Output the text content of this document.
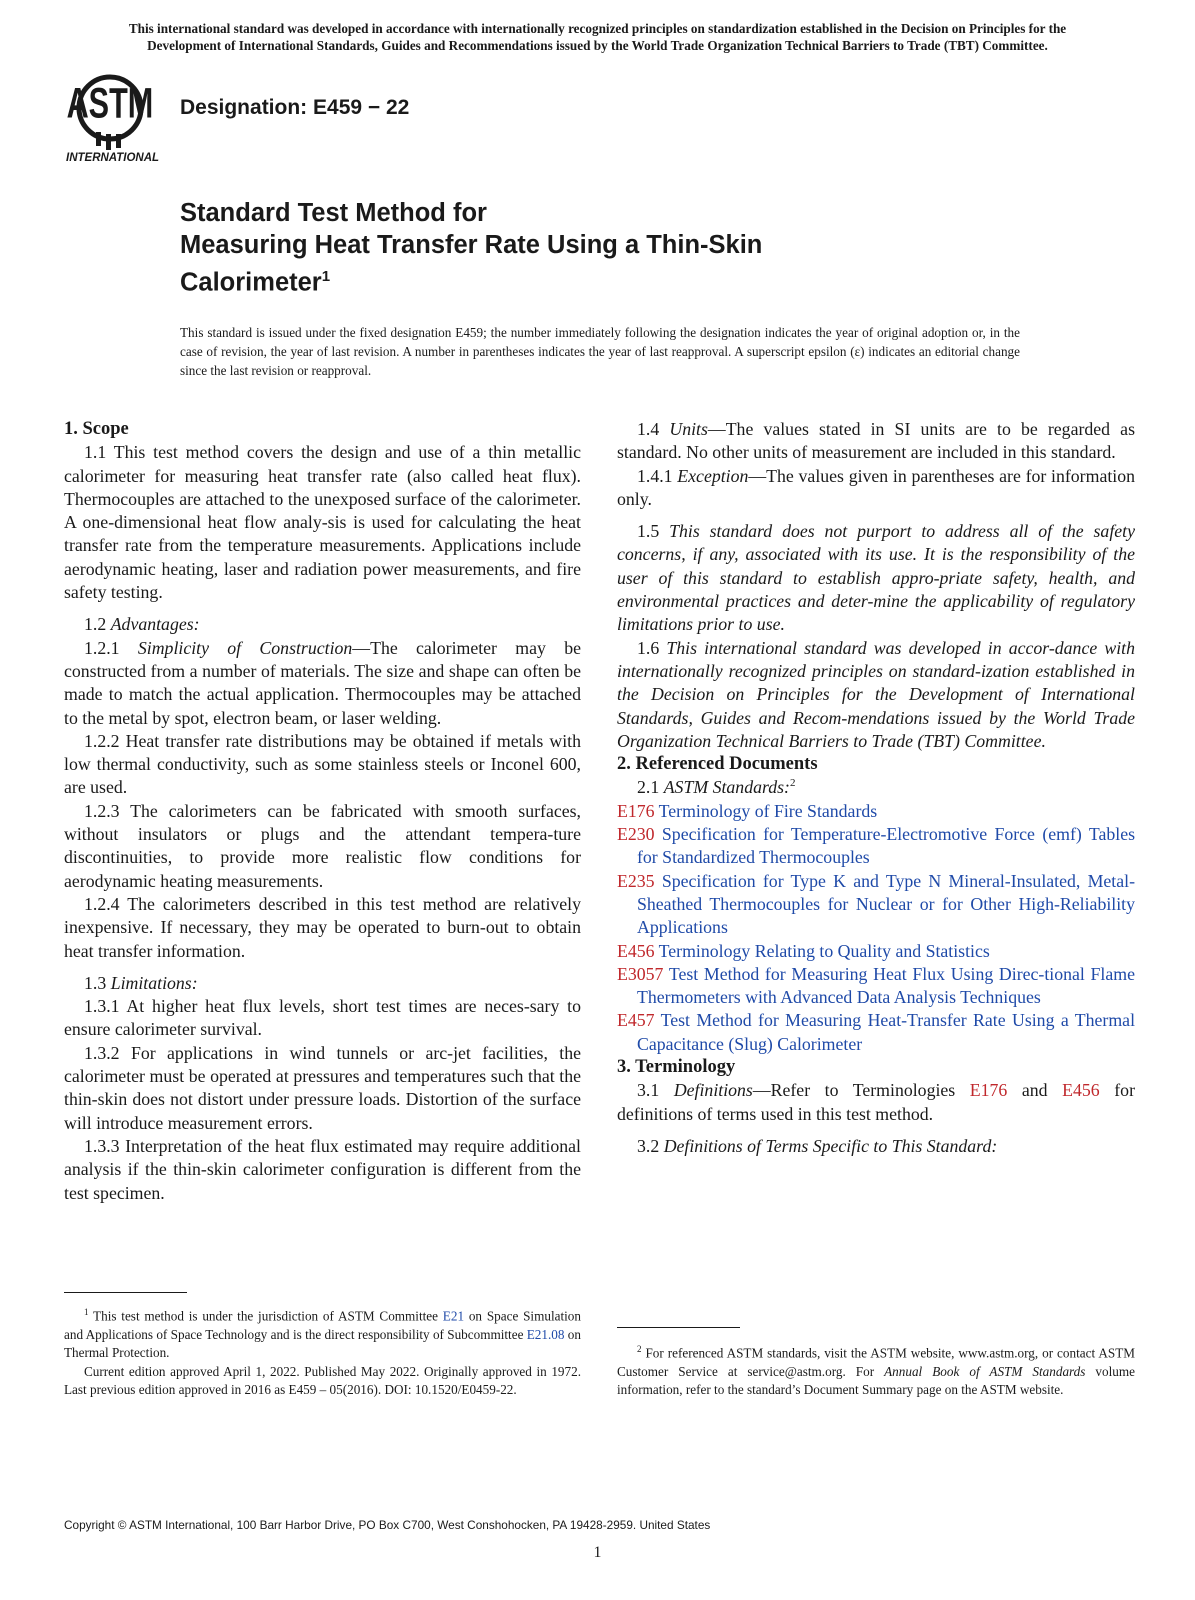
This international standard was developed in accordance with internationally recognized principles on standardization established in the Decision on Principles for the
Development of International Standards, Guides and Recommendations issued by the World Trade Organization Technical Barriers to Trade (TBT) Committee.
ASTM
INTERNATIONAL
Designation: E459 − 22
Standard Test Method for
Measuring Heat Transfer Rate Using a Thin-Skin
Calorimeter$^1$
This standard is issued under the fixed designation E459; the number immediately following the designation indicates the year of original adoption or, in the case of revision, the year of last revision. A number in parentheses indicates the year of last reapproval. A superscript epsilon (ε) indicates an editorial change since the last revision or reapproval.

1. Scope

1.1 This test method covers the design and use of a thin metallic calorimeter for measuring heat transfer rate (also called heat flux). Thermocouples are attached to the unexposed surface of the calorimeter. A one-dimensional heat flow analy-sis is used for calculating the heat transfer rate from the temperature measurements. Applications include aerodynamic heating, laser and radiation power measurements, and fire safety testing.

1.2 Advantages:

1.2.1 Simplicity of Construction—The calorimeter may be constructed from a number of materials. The size and shape can often be made to match the actual application. Thermocouples may be attached to the metal by spot, electron beam, or laser welding.

1.2.2 Heat transfer rate distributions may be obtained if metals with low thermal conductivity, such as some stainless steels or Inconel 600, are used.

1.2.3 The calorimeters can be fabricated with smooth surfaces, without insulators or plugs and the attendant tempera-ture discontinuities, to provide more realistic flow conditions for aerodynamic heating measurements.

1.2.4 The calorimeters described in this test method are relatively inexpensive. If necessary, they may be operated to burn-out to obtain heat transfer information.

1.3 Limitations:

1.3.1 At higher heat flux levels, short test times are neces-sary to ensure calorimeter survival.

1.3.2 For applications in wind tunnels or arc-jet facilities, the calorimeter must be operated at pressures and temperatures such that the thin-skin does not distort under pressure loads. Distortion of the surface will introduce measurement errors.

1.3.3 Interpretation of the heat flux estimated may require additional analysis if the thin-skin calorimeter configuration is different from the test specimen.

1.4 Units—The values stated in SI units are to be regarded as standard. No other units of measurement are included in this standard.

1.4.1 Exception—The values given in parentheses are for information only.

1.5 This standard does not purport to address all of the safety concerns, if any, associated with its use. It is the responsibility of the user of this standard to establish appro-priate safety, health, and environmental practices and deter-mine the applicability of regulatory limitations prior to use.

1.6 This international standard was developed in accor-dance with internationally recognized principles on standard-ization established in the Decision on Principles for the Development of International Standards, Guides and Recom-mendations issued by the World Trade Organization Technical Barriers to Trade (TBT) Committee.

2. Referenced Documents

2.1 ASTM Standards:$^2$

E176 Terminology of Fire Standards

E230 Specification for Temperature-Electromotive Force (emf) Tables for Standardized Thermocouples

E235 Specification for Type K and Type N Mineral-Insulated, Metal-Sheathed Thermocouples for Nuclear or for Other High-Reliability Applications

E456 Terminology Relating to Quality and Statistics

E3057 Test Method for Measuring Heat Flux Using Direc-tional Flame Thermometers with Advanced Data Analysis Techniques

E457 Test Method for Measuring Heat-Transfer Rate Using a Thermal Capacitance (Slug) Calorimeter

3. Terminology

3.1 Definitions—Refer to Terminologies E176 and E456 for definitions of terms used in this test method.

3.2 Definitions of Terms Specific to This Standard:

$^1$ This test method is under the jurisdiction of ASTM Committee E21 on Space Simulation and Applications of Space Technology and is the direct responsibility of Subcommittee E21.08 on Thermal Protection.

Current edition approved April 1, 2022. Published May 2022. Originally approved in 1972. Last previous edition approved in 2016 as E459 – 05(2016). DOI: 10.1520/E0459-22.

$^2$ For referenced ASTM standards, visit the ASTM website, www.astm.org, or contact ASTM Customer Service at service@astm.org. For Annual Book of ASTM Standards volume information, refer to the standard’s Document Summary page on the ASTM website.

Copyright © ASTM International, 100 Barr Harbor Drive, PO Box C700, West Conshohocken, PA 19428-2959. United States
1
